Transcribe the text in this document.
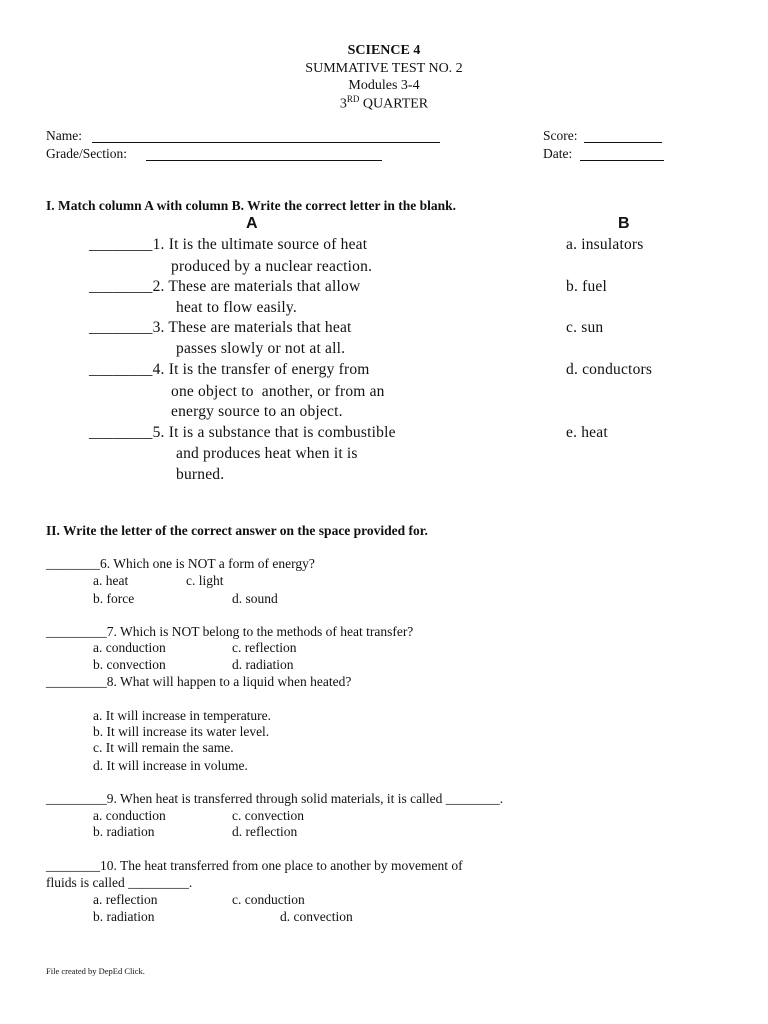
SCIENCE 4
SUMMATIVE TEST NO. 2
Modules 3-4
3RD QUARTER
Name:
Grade/Section:
Score:
Date:
I. Match column A with column B. Write the correct letter in the blank.
A	B
________1. It is the ultimate source of heat
produced by a nuclear reaction.
a. insulators
________2. These are materials that allow
heat to flow easily.
b. fuel
________3. These are materials that heat
passes slowly or not at all.
c. sun
________4. It is the transfer of energy from
one object to  another, or from an
energy source to an object.
d. conductors
________5. It is a substance that is combustible
and produces heat when it is
burned.
e. heat
II. Write the letter of the correct answer on the space provided for.
________6. Which one is NOT a form of energy?
a. heat	c. light
b. force	d. sound
_________7. Which is NOT belong to the methods of heat transfer?
a. conduction	c. reflection
b. convection	d. radiation
_________8. What will happen to a liquid when heated?
a. It will increase in temperature.
b. It will increase its water level.
c. It will remain the same.
d. It will increase in volume.
_________9. When heat is transferred through solid materials, it is called ________.
a. conduction	c. convection
b. radiation	d. reflection
________10. The heat transferred from one place to another by movement of
fluids is called _________.
a. reflection	c. conduction
b. radiation	d. convection
File created by DepEd Click.
